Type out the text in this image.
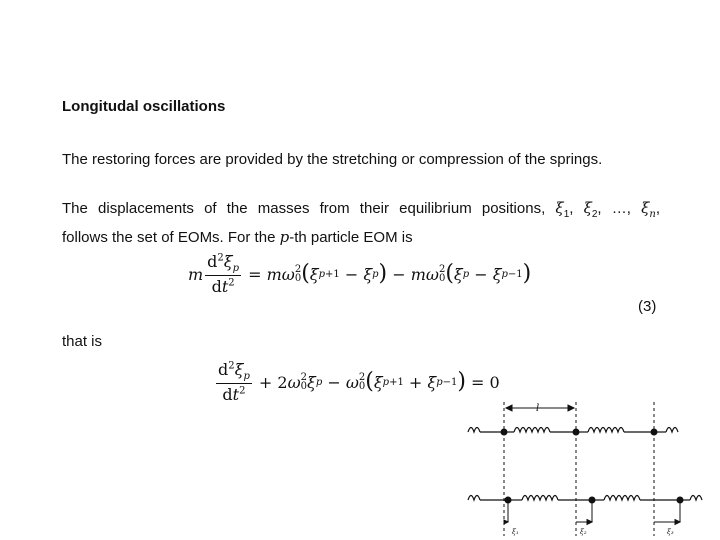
Longitudal oscillations
The restoring forces are provided by the stretching or compression of the springs.
The displacements of the masses from their equilibrium positions, $\xi_1$, $\xi_2$, …, $\xi_n$,
follows the set of EOMs. For the p-th particle EOM is
m $\frac{d^2\xi_p}{dt^2} = m\omega$ 2
0 ( ξ p +1 − ξ p ) − mω 2
0 ( ξ p − ξ p −1 )
(3)
that is
$\frac{d^2\xi_p}{dt^2} + 2\omega$ 2
0 ξ p − ω 2
0 ( ξ p +1 + ξ p −1 ) = 0
l
ξ₁	ξ₂	ξ₃
